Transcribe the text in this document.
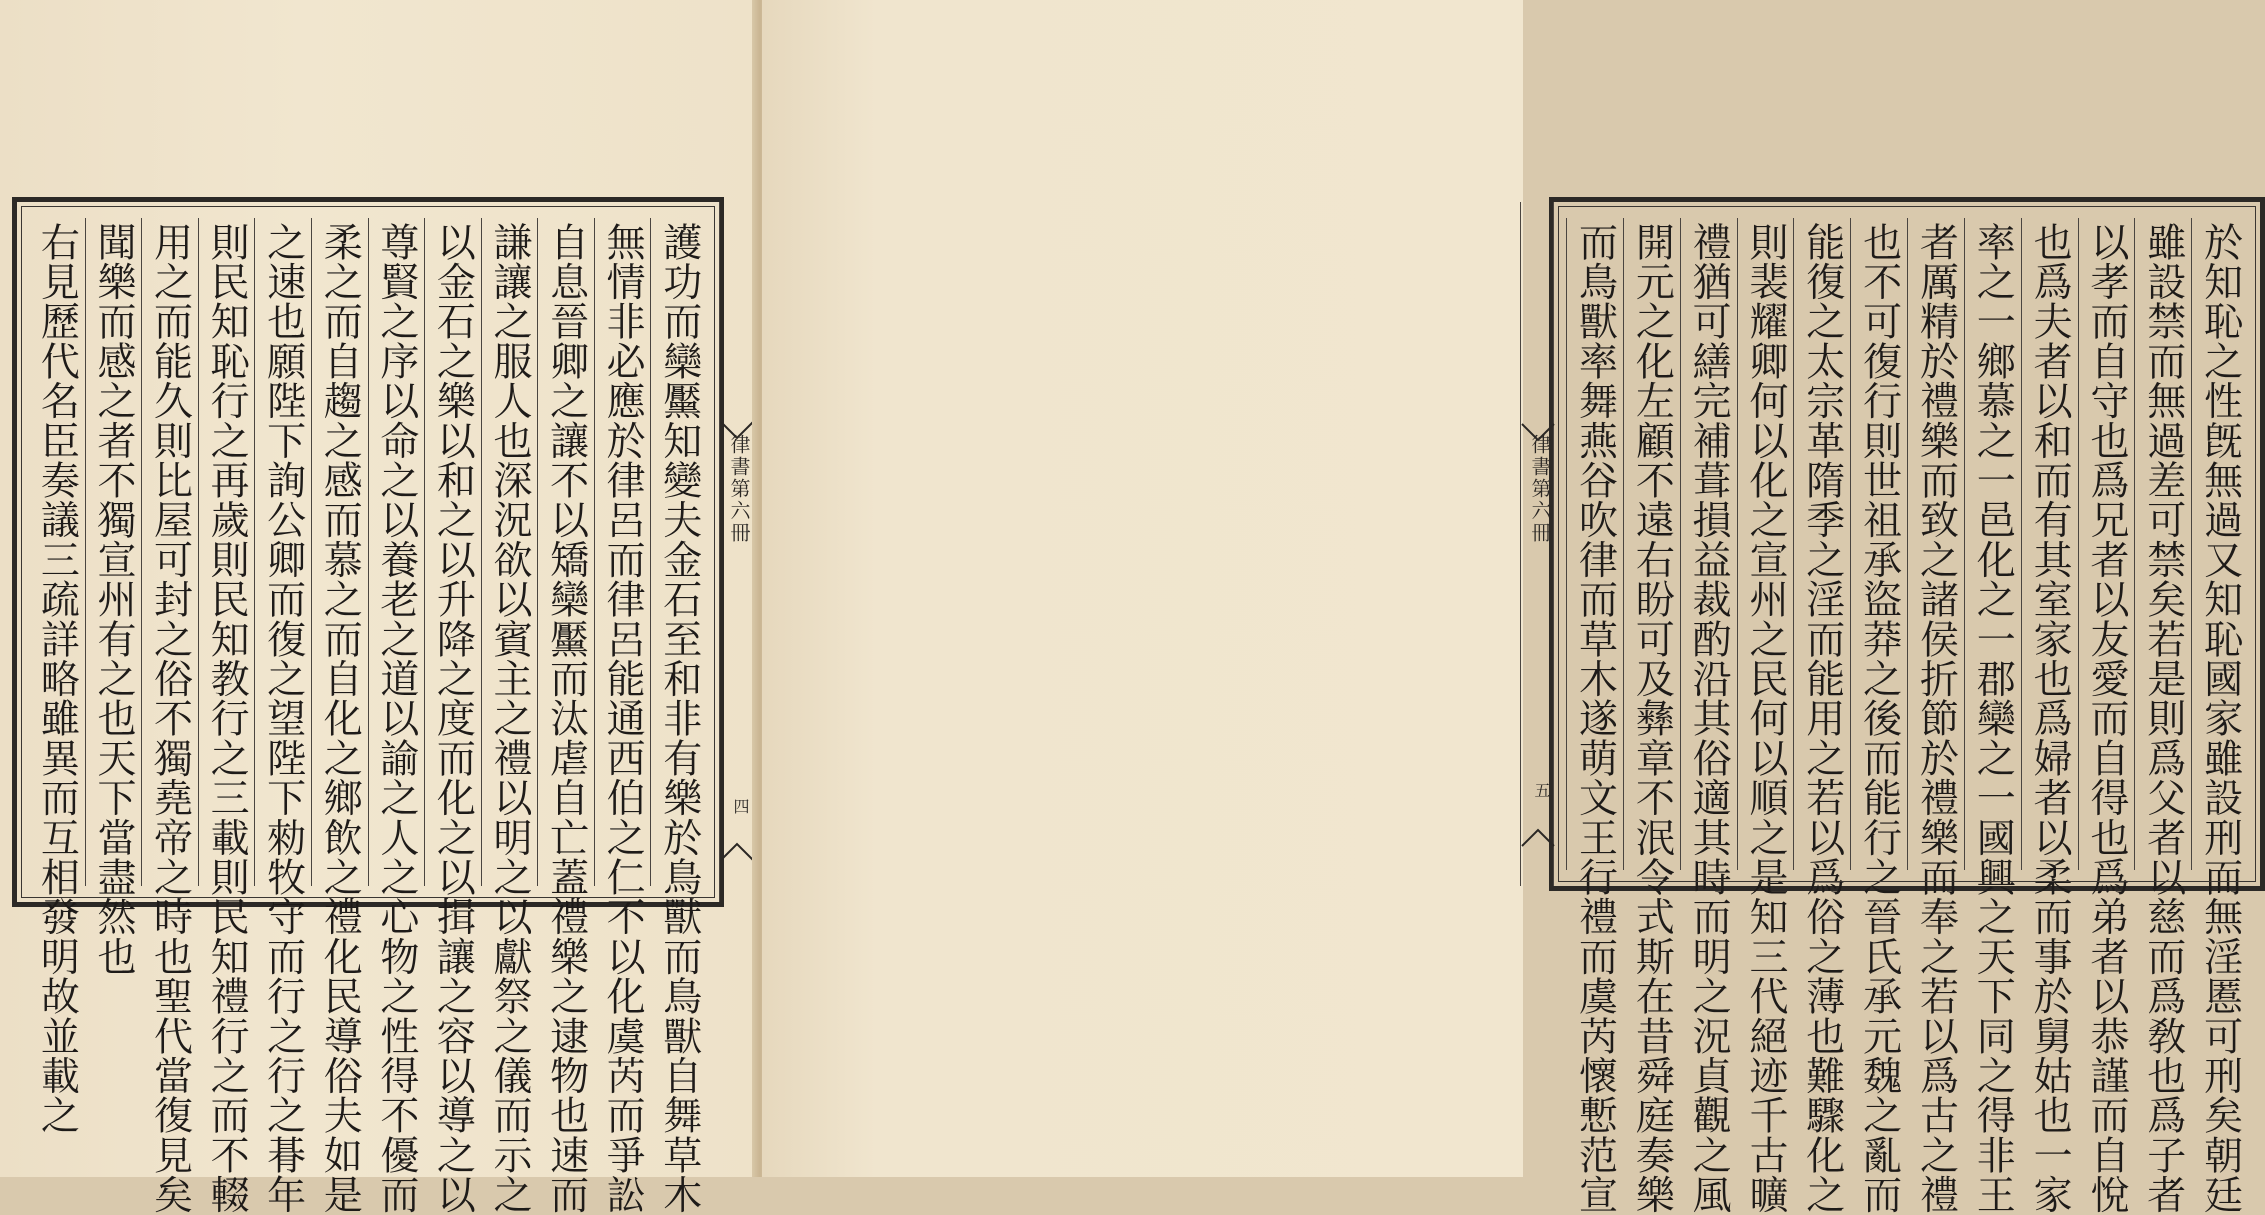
護功而欒黶知變夫金石至和非有樂於鳥獸而鳥獸自舞草木
無情非必應於律呂而律呂能通西伯之仁不以化虞芮而爭訟
自息晉卿之讓不以矯欒黶而汰虐自亡蓋禮樂之逮物也速而
謙讓之服人也深況欲以賓主之禮以明之以獻祭之儀而示之
以金石之樂以和之以升降之度而化之以揖讓之容以導之以
尊賢之序以命之以養老之道以諭之人之心物之性得不優而
柔之而自趨之感而慕之而自化之鄉飲之禮化民導俗夫如是
之速也願陛下詢公卿而復之望陛下勑牧守而行之行之朞年
則民知恥行之再歲則民知教行之三載則民知禮行之而不輟
用之而能久則比屋可封之俗不獨堯帝之時也聖代當復見矣
聞樂而感之者不獨宣州有之也天下當盡然也
右見歷代名臣奏議三疏詳略雖異而互相發明故並載之	律書第六冊
四	於知恥之性旣無過又知恥國家雖設刑而無淫慝可刑矣朝廷
雖設禁而無過差可禁矣若是則爲父者以慈而爲敎也爲子者
以孝而自守也爲兄者以友愛而自得也爲弟者以恭謹而自悅
也爲夫者以和而有其室家也爲婦者以柔而事於舅姑也一家
率之一鄉慕之一邑化之一郡欒之一國興之天下同之得非王
者厲精於禮樂而致之諸侯折節於禮樂而奉之若以爲古之禮
也不可復行則世祖承盜莽之後而能行之晉氏承元魏之亂而
能復之太宗革隋季之淫而能用之若以爲俗之薄也難驟化之
則裴耀卿何以化之宣州之民何以順之是知三代絕迹千古曠
禮猶可繕完補葺損益裁酌沿其俗適其時而明之況貞觀之風
開元之化左顧不遠右盼可及彝章不泯令式斯在昔舜庭奏樂
而鳥獸率舞燕谷吹律而草木遂萌文王行禮而虞芮懷慙范宣
律書第六冊
五
